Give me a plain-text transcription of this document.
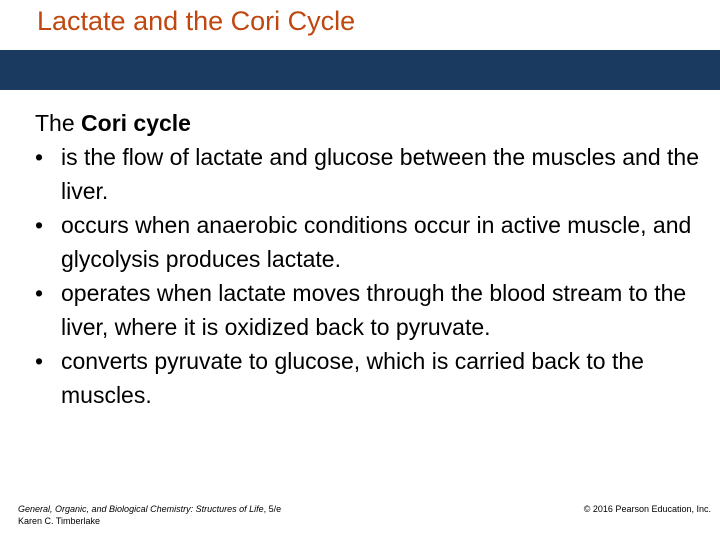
Lactate and the Cori Cycle

The Cori cycle

• is the flow of lactate and glucose between the muscles and the liver.
• occurs when anaerobic conditions occur in active muscle, and glycolysis produces lactate.
• operates when lactate moves through the blood stream to the liver, where it is oxidized back to pyruvate.
• converts pyruvate to glucose, which is carried back to the muscles.
General, Organic, and Biological Chemistry: Structures of Life, 5/e
Karen C. Timberlake
© 2016 Pearson Education, Inc.
